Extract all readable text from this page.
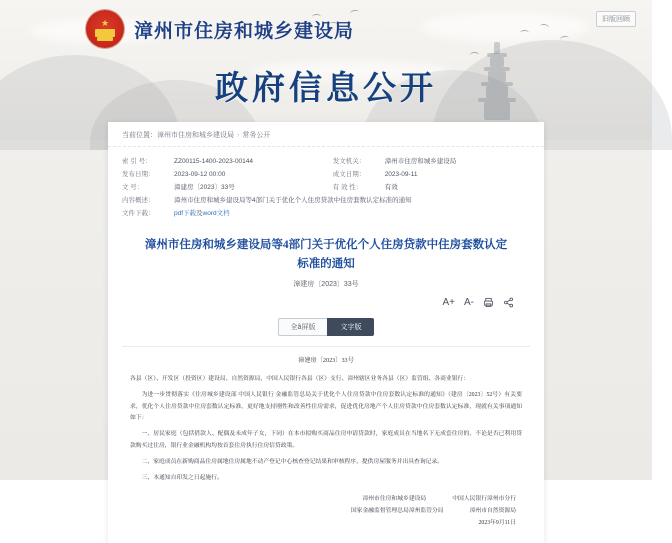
★ 漳州市住房和城乡建设局
旧版回顾
政府信息公开
当前位置：漳州市住房和城乡建设局 › 常务公开
索 引 号：	ZZ00115-1400-2023-00144	发文机关：	漳州市住房和城乡建设局
发布日期：	2023-09-12 00:00	成文日期：	2023-09-11
文 号：	漳建房〔2023〕33号	有 效 性：	有效
内容概述：	漳州市住房和城乡建设局等4部门关于优化个人住房贷款中住房套数认定标准的通知		
文件下载：	pdf下载及word文档		
漳州市住房和城乡建设局等4部门关于优化个人住房贷款中住房套数认定标准的通知
漳建房〔2023〕33号
A+ A-
全â屏版	文字版
漳建房〔2023〕33号

各县（区）、开发区（投资区）建设局、自然资源局，中国人民银行各县（区）支行、漳州辖区业务各县（区）监管组、各商业银行：

为进一步贯彻落实《住房城乡建设部 中国人民银行 金融监管总局关于优化个人住房贷款中住房套数认定标准的通知》（建房〔2023〕52号）有关要求，优化个人住房贷款中住房套数认定标准，更好地支持刚性和改善性住房需求，促进优化房地产个人住房贷款中住房套数认定标准，现就有关事项通知如下：

一、居民家庭（包括借款人、配偶及未成年子女，下同）在本市拟购买商品住房申请贷款时，家庭成员在当地名下无成套住房的，不论是否已利用贷款购买过住房，银行业金融机构均按首套住房执行住房信贷政策。

二、家庭成员在新购商品住房属地住房属地不动产登记中心核查登记结果和审核程序，提供房屋服务并出具查询记录。

三、本通知自印发之日起施行。

漳州市住房和城乡建设局	中国人民银行漳州市分行
国家金融监督管理总局漳州监管分局	漳州市自然资源局
2023年9月11日
